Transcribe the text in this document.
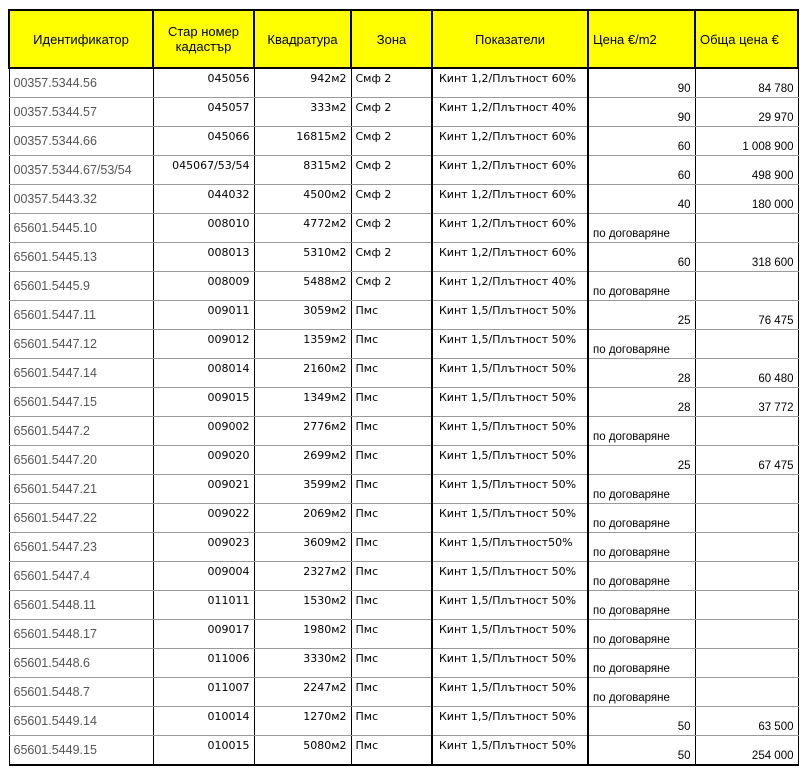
Идентификатор	Стар номер кадастър	Квадратура	Зона	Показатели	Цена €/m2	Обща цена €
00357.5344.56	045056	942м2	Смф 2	Кинт 1,2/Плътност 60%	90	84 780
00357.5344.57	045057	333м2	Смф 2	Кинт 1,2/Плътност 40%	90	29 970
00357.5344.66	045066	16815м2	Смф 2	Кинт 1,2/Плътност 60%	60	1 008 900
00357.5344.67/53/54	045067/53/54	8315м2	Смф 2	Кинт 1,2/Плътност 60%	60	498 900
00357.5443.32	044032	4500м2	Смф 2	Кинт 1,2/Плътност 60%	40	180 000
65601.5445.10	008010	4772м2	Смф 2	Кинт 1,2/Плътност 60%	по договаряне	
65601.5445.13	008013	5310м2	Смф 2	Кинт 1,2/Плътност 60%	60	318 600
65601.5445.9	008009	5488м2	Смф 2	Кинт 1,2/Плътност 40%	по договаряне	
65601.5447.11	009011	3059м2	Пмс	Кинт 1,5/Плътност 50%	25	76 475
65601.5447.12	009012	1359м2	Пмс	Кинт 1,5/Плътност 50%	по договаряне	
65601.5447.14	008014	2160м2	Пмс	Кинт 1,5/Плътност 50%	28	60 480
65601.5447.15	009015	1349м2	Пмс	Кинт 1,5/Плътност 50%	28	37 772
65601.5447.2	009002	2776м2	Пмс	Кинт 1,5/Плътност 50%	по договаряне	
65601.5447.20	009020	2699м2	Пмс	Кинт 1,5/Плътност 50%	25	67 475
65601.5447.21	009021	3599м2	Пмс	Кинт 1,5/Плътност 50%	по договаряне	
65601.5447.22	009022	2069м2	Пмс	Кинт 1,5/Плътност 50%	по договаряне	
65601.5447.23	009023	3609м2	Пмс	Кинт 1,5/Плътност50%	по договаряне	
65601.5447.4	009004	2327м2	Пмс	Кинт 1,5/Плътност 50%	по договаряне	
65601.5448.11	011011	1530м2	Пмс	Кинт 1,5/Плътност 50%	по договаряне	
65601.5448.17	009017	1980м2	Пмс	Кинт 1,5/Плътност 50%	по договаряне	
65601.5448.6	011006	3330м2	Пмс	Кинт 1,5/Плътност 50%	по договаряне	
65601.5448.7	011007	2247м2	Пмс	Кинт 1,5/Плътност 50%	по договаряне	
65601.5449.14	010014	1270м2	Пмс	Кинт 1,5/Плътност 50%	50	63 500
65601.5449.15	010015	5080м2	Пмс	Кинт 1,5/Плътност 50%	50	254 000
